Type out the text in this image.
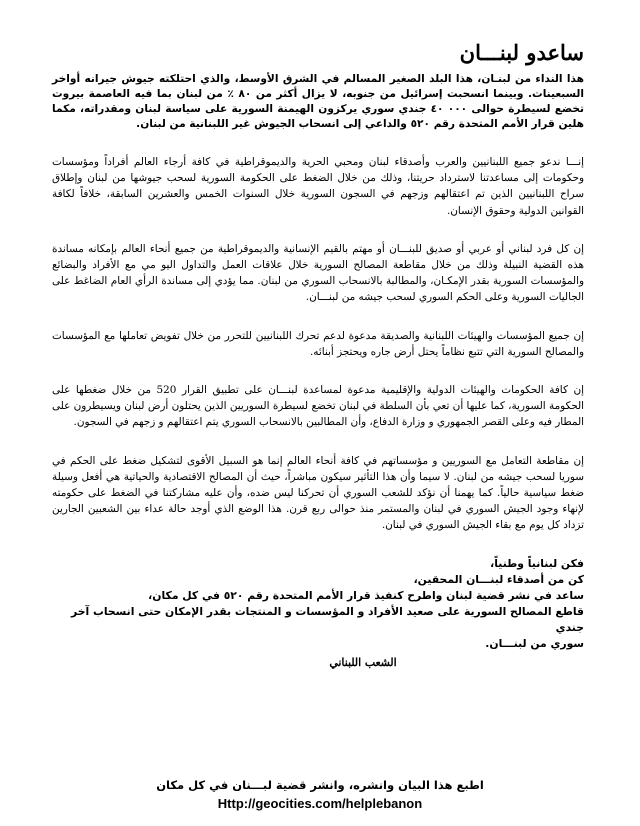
ساعدو لبنـــان

هذا النداء من لبنـان، هذا البلد الصغير المسالم في الشرق الأوسط، والذي احتلكته جيوش جيرانه أواخر السبعينات. وبينما انسحبت إسرائيل من جنوبه، لا يزال أكثر من ٨٠ ٪ من لبنان بما فيه العاصمة بيروت تخضع لسيطرة حوالى ٠٠٠ ٤٠ جندي سوري يركزون الهيمنة السورية على سياسة لبنان ومقدراته، مكما هلين قرار الأمم المتحدة رقم ٥٢٠ والداعي إلى انسحاب الجيوش غير اللبنانية من لبنان.

إنـــا ندعو جميع اللبنانيين والعرب وأصدقاء لبنان ومحبي الحرية والديموقراطية في كافة أرجاء العالم أفراداً ومؤسسات وحكومات إلى مساعدتنا لاسترداد حريتنا، وذلك من خلال الضغط على الحكومة السورية لسحب جيوشها من لبنان وإطلاق سراح اللبنانيين الذين تم اعتقالهم وزجهم في السجون السورية خلال السنوات الخمس والعشرين السابقة، خلافاً لكافة القوانين الدولية وحقوق الإنسان.

إن كل فرد لبناني أو عربي أو صديق للبنـــان أو مهتم بالقيم الإنسانية والديموقراطية من جميع أنحاء العالم بإمكانه مساندة هذه القضية النبيلة وذلك من خلال مقاطعة المصالح السورية خلال علاقات العمل والتداول اليو مي مع الأفراد والبضائع والمؤسسات السورية بقدر الإمكـان، والمطالبة بالانسحاب السوري من لبنان. مما يؤدي إلى مساندة الرأي العام الضاغط على الجاليات السورية وعلى الحكم السوري لسحب جيشه من لبنـــان.

إن جميع المؤسسات والهيئات اللبنانية والصديقة مدعوة لدعم تحرك اللبنانيين للتحرر من خلال تفويض تعاملها مع المؤسسات والمصالح السورية التي تتبع نظاماً يحتل أرض جاره ويحتجز أبنائه.

إن كافة الحكومات والهيئات الدولية والإقليمية مدعوة لمساعدة لبنـــان على تطبيق القرار 520 من خلال ضغطها على الحكومة السورية، كما عليها أن تعي بأن السلطة في لبنان تخضع لسيطرة السوريين الذين يحتلون أرض لبنان ويسيطرون على المطار فيه وعلى القصر الجمهوري و وزارة الدفاع، وأن المطالبين بالانسحاب السوري يتم اعتقالهم و زجهم في السجون.

إن مقاطعة التعامل مع السوريين و مؤسساتهم في كافة أنحاء العالم إنما هو السبيل الأقوى لتشكيل ضغط على الحكم في سوريا لسحب جيشه من لبنان. لا سيما وأن هذا التأثير سيكون مباشراً، حيث أن المصالح الاقتصادية والحياتية هي أفعل وسيلة ضغط سياسية حالياً. كما يهمنا أن نؤكد للشعب السوري أن تحركنا ليس ضده، وأن عليه مشاركتنا في الضغط على حكومته لإنهاء وجود الجيش السوري في لبنان والمستمر منذ حوالى ربع قرن. هذا الوضع الذي أوجد حالة عداء بين الشعبين الجارين تزداد كل يوم مع بقاء الجيش السوري في لبنان.

فكن لبنانياً وطنياً،
كن من أصدقاء لبنـــان المحقين،
ساعد في نشر قضية لبنان واطرح كنفيذ قرار الأمم المتحدة رقم ٥٢٠ في كل مكان،
قاطع المصالح السورية على صعيد الأفراد و المؤسسات و المنتجات بقدر الإمكان حتى انسحاب آخر جندي
سوري من لبنـــان.
الشعب اللبناني
اطبع هذا البيان وانشره، وانشر قضية لبـــنان في كل مكان
Http://geocities.com/helplebanon
